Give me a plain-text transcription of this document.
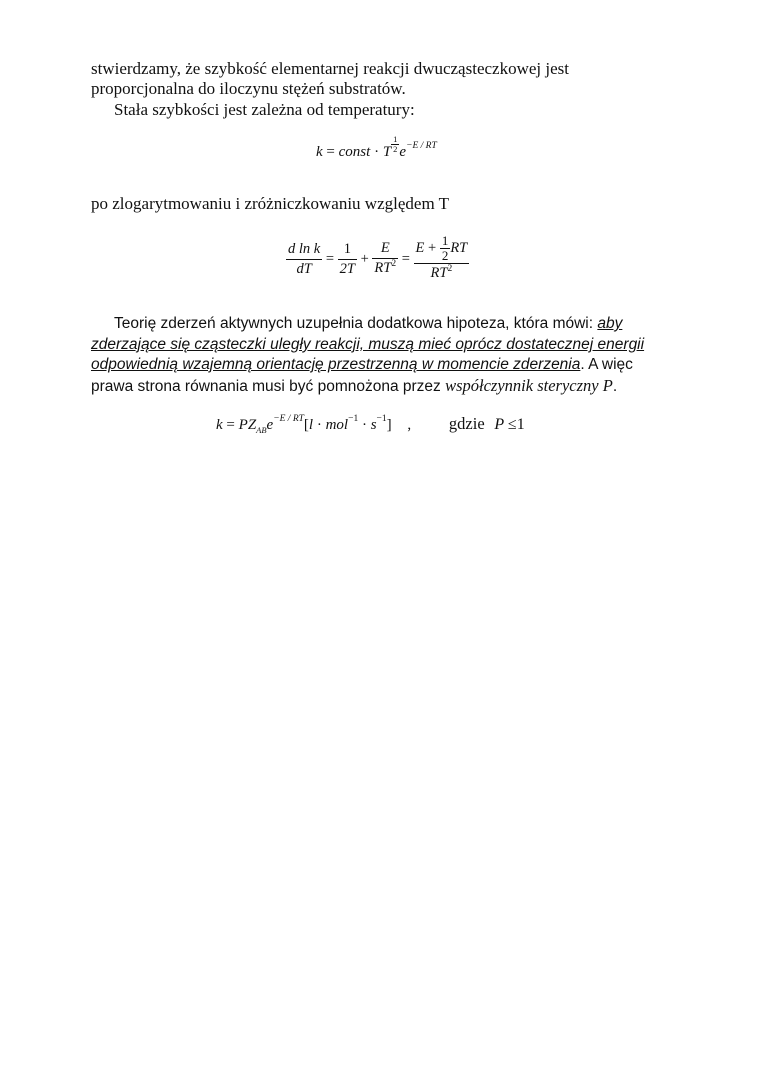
stwierdzamy, że szybkość elementarnej reakcji dwucząsteczkowej jest
proporcjonalna do iloczynu stężeń substratów.
Stała szybkości jest zależna od temperatury:
k = const · T $\frac{1}{2} e^{-E / RT}$
po zlogarytmowaniu i zróżniczkowaniu względem T
$\frac{\text{d ln k}}{dT} = \frac{1}{2T} + \frac{E}{RT^2} = \frac{E + \frac{1}{2} RT}{RT^2}$
Teorię zderzeń aktywnych uzupełnia dodatkowa hipoteza, która mówi: aby
zderzające się cząsteczki uległy reakcji, muszą mieć oprócz dostatecznej energii
odpowiednią wzajemną orientację przestrzenną w momencie zderzenia. A więc
prawa strona równania musi być pomnożona przez współczynnik steryczny P.
$k = PZ_{AB}e^{-E / RT}[l \cdot mol^{-1} \cdot s^{-1}]$ , gdzie P ≤1
